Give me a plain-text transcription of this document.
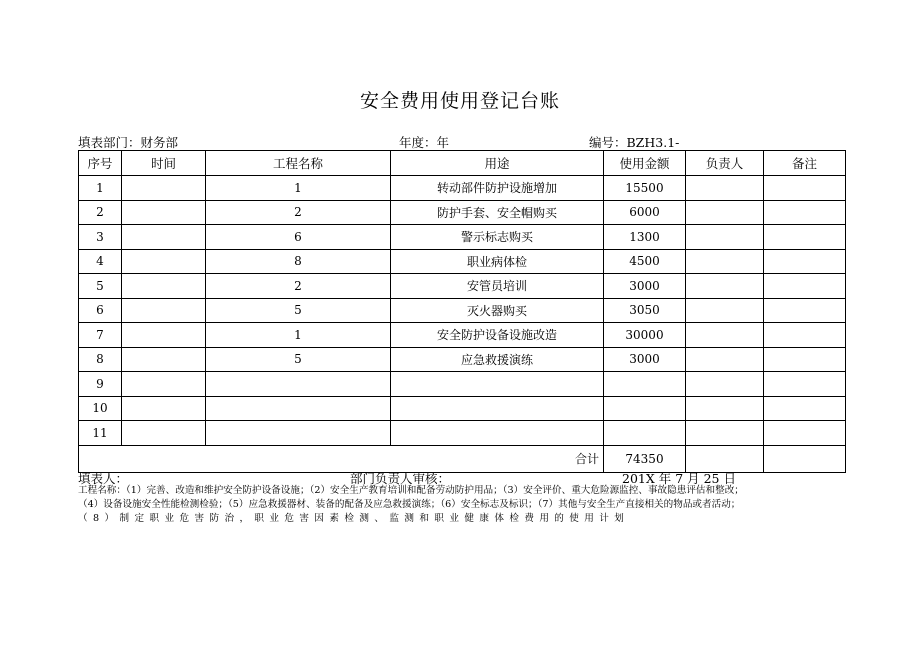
安全费用使用登记台账
填表部门：财务部	年度：年	编号：BZH3.1-
序号	时间	工程名称	用途	使用金额	负责人	备注
1		1	转动部件防护设施增加	15500		
2		2	防护手套、安全帽购买	6000		
3		6	警示标志购买	1300		
4		8	职业病体检	4500		
5		2	安管员培训	3000		
6		5	灭火器购买	3050		
7		1	安全防护设备设施改造	30000		
8		5	应急救援演练	3000		
9						
10						
11						
合计				74350		
填表人：	部门负责人审核：	201X 年 7 月 25 日
工程名称：（1）完善、改造和维护安全防护设备设施；（2）安全生产教育培训和配备劳动防护用品；（3）安全评价、重大危险源监控、事故隐患评估和整改；
（4）设备设施安全性能检测检验；（5）应急救援器材、装备的配备及应急救援演练；（6）安全标志及标识；（7）其他与安全生产直接相关的物品或者活动；
（8）制定职业危害防治，职业危害因素检测、监测和职业健康体检费用的使用计划
